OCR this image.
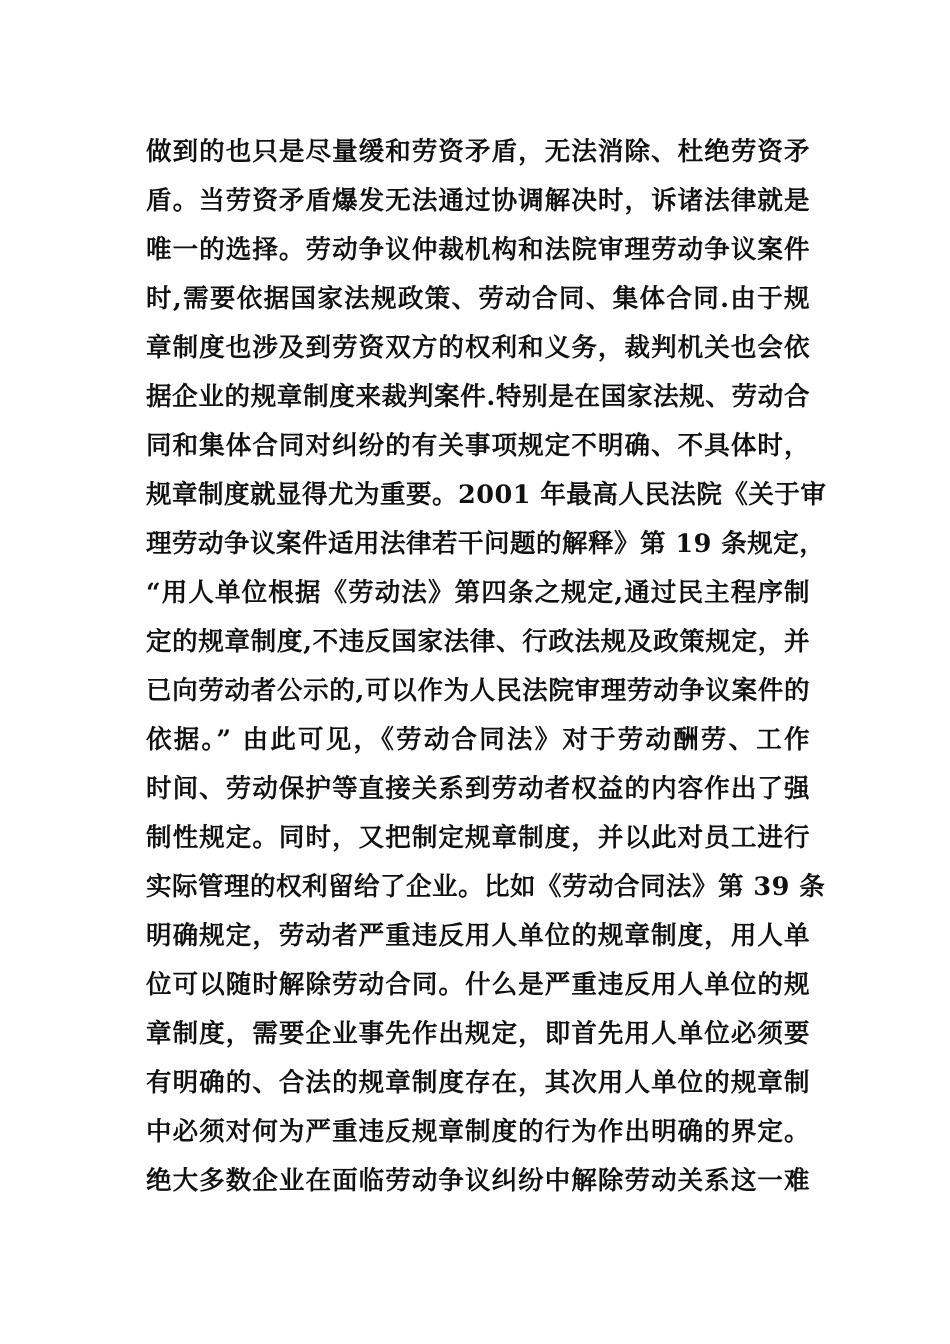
做到的也只是尽量缓和劳资矛盾，无法消除、杜绝劳资矛
盾。当劳资矛盾爆发无法通过协调解决时，诉诸法律就是
唯一的选择。劳动争议仲裁机构和法院审理劳动争议案件
时,需要依据国家法规政策、劳动合同、集体合同.由于规
章制度也涉及到劳资双方的权利和义务，裁判机关也会依
据企业的规章制度来裁判案件.特别是在国家法规、劳动合
同和集体合同对纠纷的有关事项规定不明确、不具体时，
规章制度就显得尤为重要。2001 年最高人民法院《关于审
理劳动争议案件适用法律若干问题的解释》第 19 条规定，
“用人单位根据《劳动法》第四条之规定,通过民主程序制
定的规章制度,不违反国家法律、行政法规及政策规定，并
已向劳动者公示的,可以作为人民法院审理劳动争议案件的
依据。” 由此可见，《劳动合同法》对于劳动酬劳、工作
时间、劳动保护等直接关系到劳动者权益的内容作出了强
制性规定。同时，又把制定规章制度，并以此对员工进行
实际管理的权利留给了企业。比如《劳动合同法》第 39 条
明确规定，劳动者严重违反用人单位的规章制度，用人单
位可以随时解除劳动合同。什么是严重违反用人单位的规
章制度，需要企业事先作出规定，即首先用人单位必须要
有明确的、合法的规章制度存在，其次用人单位的规章制
中必须对何为严重违反规章制度的行为作出明确的界定。
绝大多数企业在面临劳动争议纠纷中解除劳动关系这一难
